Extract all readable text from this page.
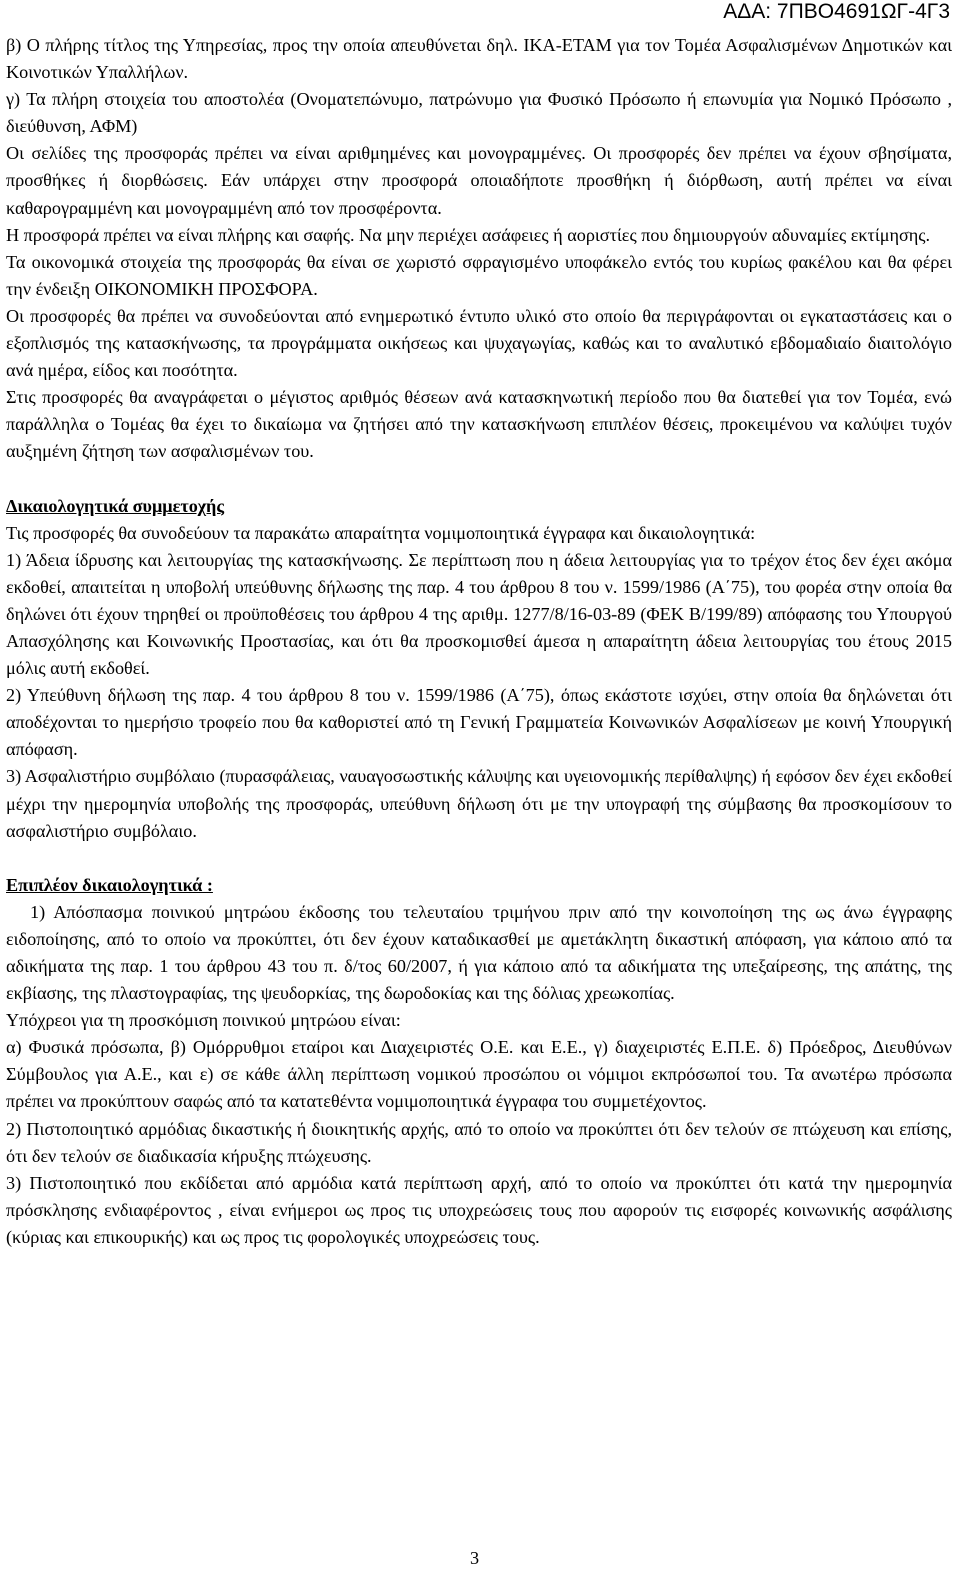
ΑΔΑ: 7ΠΒΟ4691ΩΓ-4Γ3

β) Ο πλήρης τίτλος της Υπηρεσίας, προς την οποία απευθύνεται δηλ. ΙΚΑ-ΕΤΑΜ για τον Τομέα Ασφαλισμένων Δημοτικών και Κοινοτικών Υπαλλήλων.

γ) Τα πλήρη στοιχεία του αποστολέα (Ονοματεπώνυμο, πατρώνυμο για Φυσικό Πρόσωπο ή επωνυμία για Νομικό Πρόσωπο , διεύθυνση, ΑΦΜ)

Οι σελίδες της προσφοράς πρέπει να είναι αριθμημένες και μονογραμμένες. Οι προσφορές δεν πρέπει να έχουν σβησίματα, προσθήκες ή διορθώσεις. Εάν υπάρχει στην προσφορά οποιαδήποτε προσθήκη ή διόρθωση, αυτή πρέπει να είναι καθαρογραμμένη και μονογραμμένη από τον προσφέροντα.

Η προσφορά πρέπει να είναι πλήρης και σαφής. Να μην περιέχει ασάφειες ή αοριστίες που δημιουργούν αδυναμίες εκτίμησης.

Τα οικονομικά στοιχεία της προσφοράς θα είναι σε χωριστό σφραγισμένο υποφάκελο εντός του κυρίως φακέλου και θα φέρει την ένδειξη ΟΙΚΟΝΟΜΙΚΗ ΠΡΟΣΦΟΡΑ.

Οι προσφορές θα πρέπει να συνοδεύονται από ενημερωτικό έντυπο υλικό στο οποίο θα περιγράφονται οι εγκαταστάσεις και ο εξοπλισμός της κατασκήνωσης, τα προγράμματα οικήσεως και ψυχαγωγίας, καθώς και το αναλυτικό εβδομαδιαίο διαιτολόγιο ανά ημέρα, είδος και ποσότητα.

Στις προσφορές θα αναγράφεται ο μέγιστος αριθμός θέσεων ανά κατασκηνωτική περίοδο που θα διατεθεί για τον Τομέα, ενώ παράλληλα ο Τομέας θα έχει το δικαίωμα να ζητήσει από την κατασκήνωση επιπλέον θέσεις, προκειμένου να καλύψει τυχόν αυξημένη ζήτηση των ασφαλισμένων του.

Δικαιολογητικά συμμετοχής

Τις προσφορές θα συνοδεύουν τα παρακάτω απαραίτητα νομιμοποιητικά έγγραφα και δικαιολογητικά:

1) Άδεια ίδρυσης και λειτουργίας της κατασκήνωσης. Σε περίπτωση που η άδεια λειτουργίας για το τρέχον έτος δεν έχει ακόμα εκδοθεί, απαιτείται η υποβολή υπεύθυνης δήλωσης της παρ. 4 του άρθρου 8 του ν. 1599/1986 (Α΄75), του φορέα στην οποία θα δηλώνει ότι έχουν τηρηθεί οι προϋποθέσεις του άρθρου 4 της αριθμ. 1277/8/16-03-89 (ΦΕΚ Β/199/89) απόφασης του Υπουργού Απασχόλησης και Κοινωνικής Προστασίας, και ότι θα προσκομισθεί άμεσα η απαραίτητη άδεια λειτουργίας του έτους 2015 μόλις αυτή εκδοθεί.

2) Υπεύθυνη δήλωση της παρ. 4 του άρθρου 8 του ν. 1599/1986 (Α΄75), όπως εκάστοτε ισχύει, στην οποία θα δηλώνεται ότι αποδέχονται το ημερήσιο τροφείο που θα καθοριστεί από τη Γενική Γραμματεία Κοινωνικών Ασφαλίσεων με κοινή Υπουργική απόφαση.

3) Ασφαλιστήριο συμβόλαιο (πυρασφάλειας, ναυαγοσωστικής κάλυψης και υγειονομικής περίθαλψης) ή εφόσον δεν έχει εκδοθεί μέχρι την ημερομηνία υποβολής της προσφοράς, υπεύθυνη δήλωση ότι με την υπογραφή της σύμβασης θα προσκομίσουν το ασφαλιστήριο συμβόλαιο.

Επιπλέον δικαιολογητικά :

1) Απόσπασμα ποινικού μητρώου έκδοσης του τελευταίου τριμήνου πριν από την κοινοποίηση της ως άνω έγγραφης ειδοποίησης, από το οποίο να προκύπτει, ότι δεν έχουν καταδικασθεί με αμετάκλητη δικαστική απόφαση, για κάποιο από τα αδικήματα της παρ. 1 του άρθρου 43 του π. δ/τος 60/2007, ή για κάποιο από τα αδικήματα της υπεξαίρεσης, της απάτης, της εκβίασης, της πλαστογραφίας, της ψευδορκίας, της δωροδοκίας και της δόλιας χρεωκοπίας.

Υπόχρεοι για τη προσκόμιση ποινικού μητρώου είναι:

α) Φυσικά πρόσωπα, β) Ομόρρυθμοι εταίροι και Διαχειριστές Ο.Ε. και Ε.Ε., γ) διαχειριστές Ε.Π.Ε. δ) Πρόεδρος, Διευθύνων Σύμβουλος για Α.Ε., και ε) σε κάθε άλλη περίπτωση νομικού προσώπου οι νόμιμοι εκπρόσωποί του. Τα ανωτέρω πρόσωπα πρέπει να προκύπτουν σαφώς από τα κατατεθέντα νομιμοποιητικά έγγραφα του συμμετέχοντος.

2) Πιστοποιητικό αρμόδιας δικαστικής ή διοικητικής αρχής, από το οποίο να προκύπτει ότι δεν τελούν σε πτώχευση και επίσης, ότι δεν τελούν σε διαδικασία κήρυξης πτώχευσης.

3) Πιστοποιητικό που εκδίδεται από αρμόδια κατά περίπτωση αρχή, από το οποίο να προκύπτει ότι κατά την ημερομηνία πρόσκλησης ενδιαφέροντος , είναι ενήμεροι ως προς τις υποχρεώσεις τους που αφορούν τις εισφορές κοινωνικής ασφάλισης (κύριας και επικουρικής) και ως προς τις φορολογικές υποχρεώσεις τους.

3
